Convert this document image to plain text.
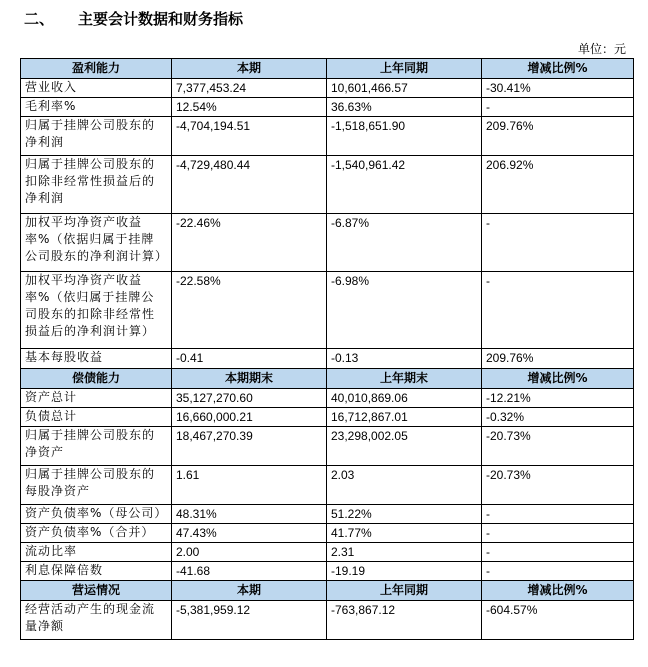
二、 主要会计数据和财务指标
单位：元
盈利能力	本期	上年同期	增减比例%
营业收入	7,377,453.24	10,601,466.57	-30.41%
毛利率%	12.54%	36.63%	-
归属于挂牌公司股东的净利润	-4,704,194.51	-1,518,651.90	209.76%
归属于挂牌公司股东的扣除非经常性损益后的净利润	-4,729,480.44	-1,540,961.42	206.92%
加权平均净资产收益率%（依据归属于挂牌公司股东的净利润计算）	-22.46%	-6.87%	-
加权平均净资产收益率%（依归属于挂牌公司股东的扣除非经常性损益后的净利润计算）	-22.58%	-6.98%	-
基本每股收益	-0.41	-0.13	209.76%
偿债能力	本期期末	上年期末	增减比例%
资产总计	35,127,270.60	40,010,869.06	-12.21%
负债总计	16,660,000.21	16,712,867.01	-0.32%
归属于挂牌公司股东的净资产	18,467,270.39	23,298,002.05	-20.73%
归属于挂牌公司股东的每股净资产	1.61	2.03	-20.73%
资产负债率%（母公司）	48.31%	51.22%	-
资产负债率%（合并）	47.43%	41.77%	-
流动比率	2.00	2.31	-
利息保障倍数	-41.68	-19.19	-
营运情况	本期	上年同期	增减比例%
经营活动产生的现金流量净额	-5,381,959.12	-763,867.12	-604.57%
